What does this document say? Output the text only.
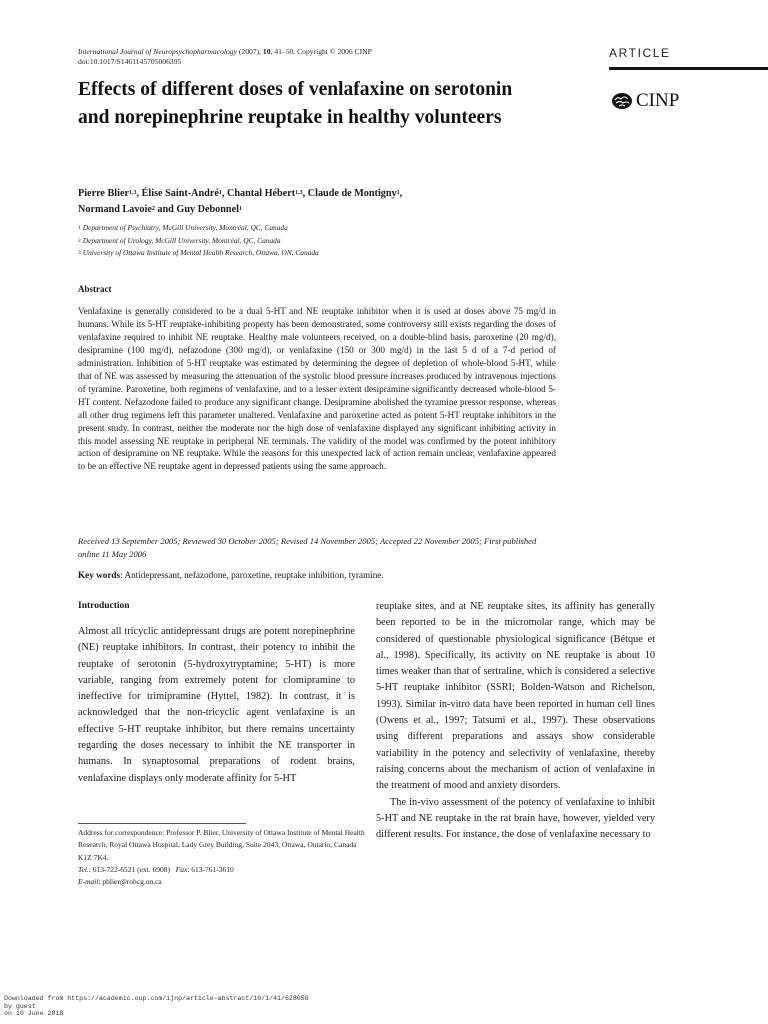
International Journal of Neuropsychopharmacology (2007), 10, 41–50. Copyright © 2006 CINP
doi:10.1017/S1461145705006395
ARTICLE
CINP
Effects of different doses of venlafaxine on serotonin and norepinephrine reuptake in healthy volunteers
Pierre Blier$^{1,3}$, Élise Saint-André$^1$, Chantal Hébert$^{1,3}$, Claude de Montigny$^1$,
Normand Lavoie$^2$ and Guy Debonnel$^1$
$^1$ Department of Psychiatry, McGill University, Montréal, QC, Canada
$^2$ Department of Urology, McGill University, Montréal, QC, Canada
$^3$ University of Ottawa Institute of Mental Health Research, Ottawa, ON, Canada
Abstract
Venlafaxine is generally considered to be a dual 5-HT and NE reuptake inhibitor when it is used at doses above 75 mg/d in humans. While its 5-HT reuptake-inhibiting property has been demonstrated, some controversy still exists regarding the doses of venlafaxine required to inhibit NE reuptake. Healthy male volunteers received, on a double-blind basis, paroxetine (20 mg/d), desipramine (100 mg/d), nefazodone (300 mg/d), or venlafaxine (150 or 300 mg/d) in the last 5 d of a 7-d period of administration. Inhibition of 5-HT reuptake was estimated by determining the degree of depletion of whole-blood 5-HT, while that of NE was assessed by measuring the attenuation of the systolic blood pressure increases produced by intravenous injections of tyramine. Paroxetine, both regimens of venlafaxine, and to a lesser extent desipramine significantly decreased whole-blood 5-HT content. Nefazodone failed to produce any significant change. Desipramine abolished the tyramine pressor response, whereas all other drug regimens left this parameter unaltered. Venlafaxine and paroxetine acted as potent 5-HT reuptake inhibitors in the present study. In contrast, neither the moderate nor the high dose of venlafaxine displayed any significant inhibiting activity in this model assessing NE reuptake in peripheral NE terminals. The validity of the model was confirmed by the potent inhibitory action of desipramine on NE reuptake. While the reasons for this unexpected lack of action remain unclear, venlafaxine appeared to be an effective NE reuptake agent in depressed patients using the same approach.
Received 13 September 2005; Reviewed 30 October 2005; Revised 14 November 2005; Accepted 22 November 2005; First published online 11 May 2006
Key words: Antidepressant, nefazodone, paroxetine, reuptake inhibition, tyramine.
Introduction

Almost all tricyclic antidepressant drugs are potent norepinephrine (NE) reuptake inhibitors. In contrast, their potency to inhibit the reuptake of serotonin (5-hydroxytryptamine; 5-HT) is more variable, ranging from extremely potent for clomipramine to ineffective for trimipramine (Hyttel, 1982). In contrast, it is acknowledged that the non-tricyclic agent venlafaxine is an effective 5-HT reuptake inhibitor, but there remains uncertainty regarding the doses necessary to inhibit the NE transporter in humans. In synaptosomal preparations of rodent brains, venlafaxine displays only moderate affinity for 5-HT

reuptake sites, and at NE reuptake sites, its affinity has generally been reported to be in the micromolar range, which may be considered of questionable physiological significance (Bétque et al., 1998). Specifically, its activity on NE reuptake is about 10 times weaker than that of sertraline, which is considered a selective 5-HT reuptake inhibitor (SSRI; Bolden-Watson and Richelson, 1993). Similar in-vitro data have been reported in human cell lines (Owens et al., 1997; Tatsumi et al., 1997). These observations using different preparations and assays show considerable variability in the potency and selectivity of venlafaxine, thereby raising concerns about the mechanism of action of venlafaxine in the treatment of mood and anxiety disorders.

The in-vivo assessment of the potency of venlafaxine to inhibit 5-HT and NE reuptake in the rat brain have, however, yielded very different results. For instance, the dose of venlafaxine necessary to

Address for correspondence: Professor P. Blier, University of Ottawa Institute of Mental Health Research, Royal Ottawa Hospital, Lady Grey Building, Suite 2043, Ottawa, Ontario, Canada K1Z 7K4.
Tel.: 613-722-6521 (ext. 6908) Fax: 613-761-3610
E-mail: pblier@rohcg.on.ca
Downloaded from https://academic.oup.com/ijnp/article-abstract/10/1/41/628056
by guest
on 10 June 2018
